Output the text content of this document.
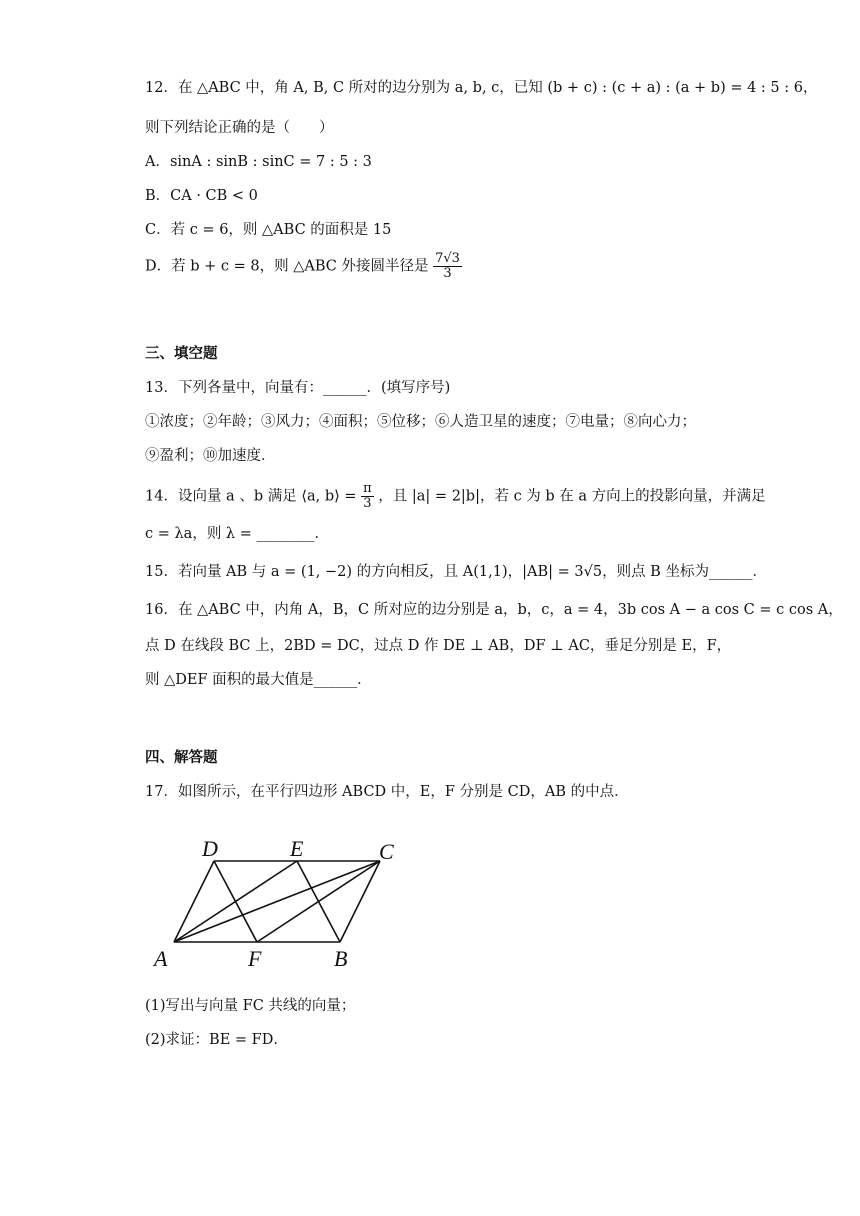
12．在 △ABC 中，角 A, B, C 所对的边分别为 a, b, c，已知 (b + c) : (c + a) : (a + b) = 4 : 5 : 6，
则下列结论正确的是（　　）
A．sinA : sinB : sinC = 7 : 5 : 3
B．CA · CB < 0
C．若 c = 6，则 △ABC 的面积是 15
D．若 b + c = 8，则 △ABC 外接圆半径是 $\frac{7√3}{3}$
三、填空题
13．下列各量中，向量有：______．(填写序号)
①浓度；②年龄；③风力；④面积；⑤位移；⑥人造卫星的速度；⑦电量；⑧向心力；
⑨盈利；⑩加速度．
14．设向量 a 、b 满足 ⟨a, b⟩ = $\frac{\pi}{3}$ ，且 |a| = 2|b|，若 c 为 b 在 a 方向上的投影向量，并满足
c = λa，则 λ = ________．
15．若向量 AB 与 a = (1, −2) 的方向相反，且 A(1,1)，|AB| = 3√5，则点 B 坐标为______．
16．在 △ABC 中，内角 A，B，C 所对应的边分别是 a，b，c，a = 4，3b cos A − a cos C = c cos A，
点 D 在线段 BC 上，2BD = DC，过点 D 作 DE ⊥ AB，DF ⊥ AC，垂足分别是 E，F，
则 △DEF 面积的最大值是______．
四、解答题
17．如图所示，在平行四边形 ABCD 中，E，F 分别是 CD，AB 的中点．
D	E	C
A	F	B
(1)写出与向量 FC 共线的向量；
(2)求证：BE = FD．
